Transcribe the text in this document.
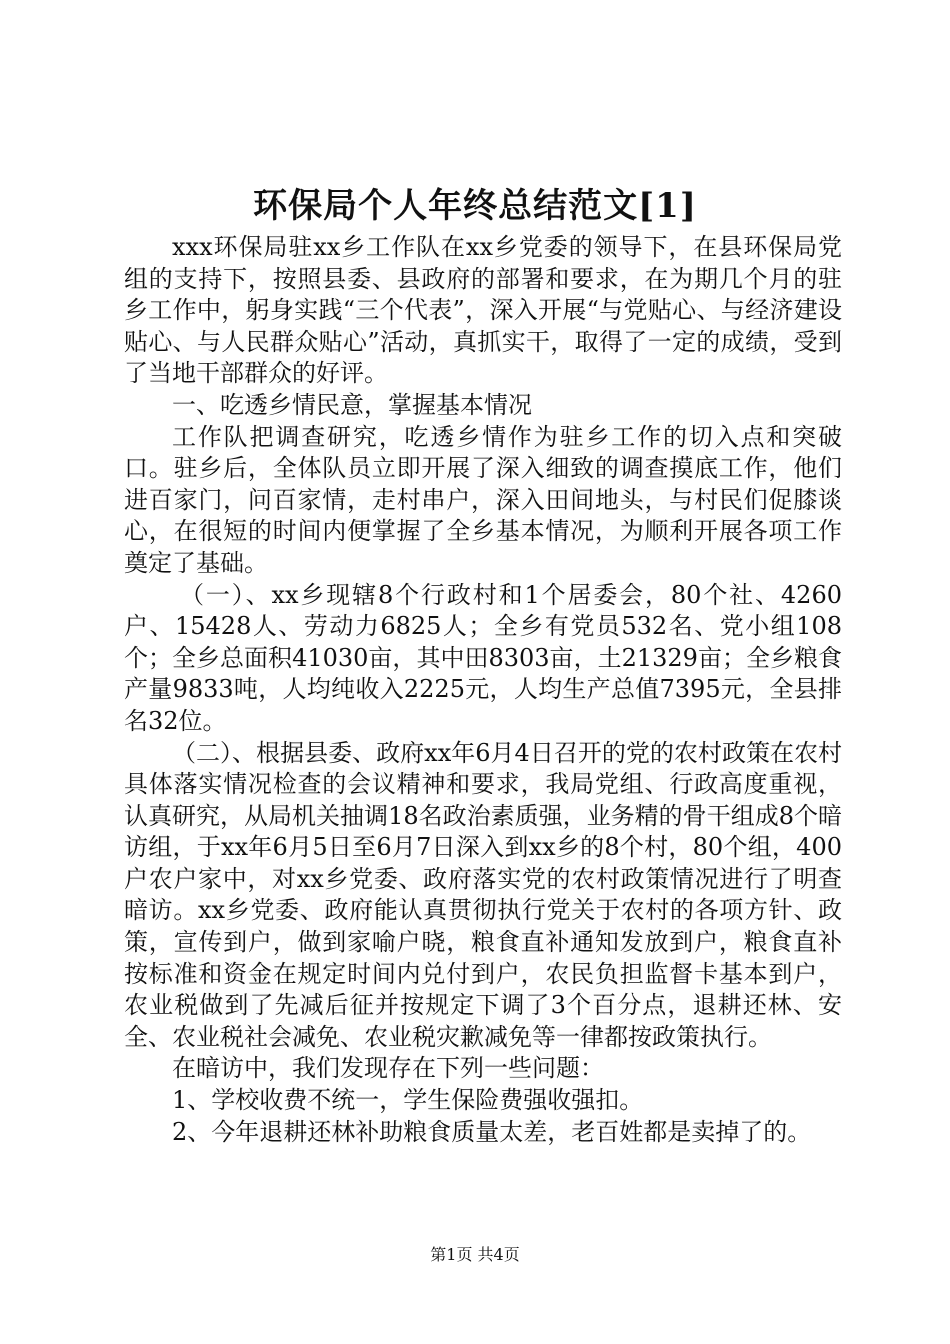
环保局个人年终总结范文[1]

xxx环保局驻xx乡工作队在xx乡党委的领导下，在县环保局党组的支持下，按照县委、县政府的部署和要求，在为期几个月的驻乡工作中，躬身实践“三个代表”，深入开展“与党贴心、与经济建设贴心、与人民群众贴心”活动，真抓实干，取得了一定的成绩，受到了当地干部群众的好评。

一、吃透乡情民意，掌握基本情况

工作队把调查研究，吃透乡情作为驻乡工作的切入点和突破口。驻乡后，全体队员立即开展了深入细致的调查摸底工作，他们进百家门，问百家情，走村串户，深入田间地头，与村民们促膝谈心，在很短的时间内便掌握了全乡基本情况，为顺利开展各项工作奠定了基础。

（一）、xx乡现辖8个行政村和1个居委会，80个社、4260户、15428人、劳动力6825人；全乡有党员532名、党小组108个；全乡总面积41030亩，其中田8303亩，土21329亩；全乡粮食产量9833吨，人均纯收入2225元，人均生产总值7395元，全县排名32位。

（二）、根据县委、政府xx年6月4日召开的党的农村政策在农村具体落实情况检查的会议精神和要求，我局党组、行政高度重视，认真研究，从局机关抽调18名政治素质强，业务精的骨干组成8个暗访组，于xx年6月5日至6月7日深入到xx乡的8个村，80个组，400户农户家中，对xx乡党委、政府落实党的农村政策情况进行了明查暗访。xx乡党委、政府能认真贯彻执行党关于农村的各项方针、政策，宣传到户，做到家喻户晓，粮食直补通知发放到户，粮食直补按标准和资金在规定时间内兑付到户，农民负担监督卡基本到户，农业税做到了先减后征并按规定下调了3个百分点，退耕还林、安全、农业税社会减免、农业税灾歉减免等一律都按政策执行。

在暗访中，我们发现存在下列一些问题：

1、学校收费不统一，学生保险费强收强扣。

2、今年退耕还林补助粮食质量太差，老百姓都是卖掉了的。

第1页 共4页
